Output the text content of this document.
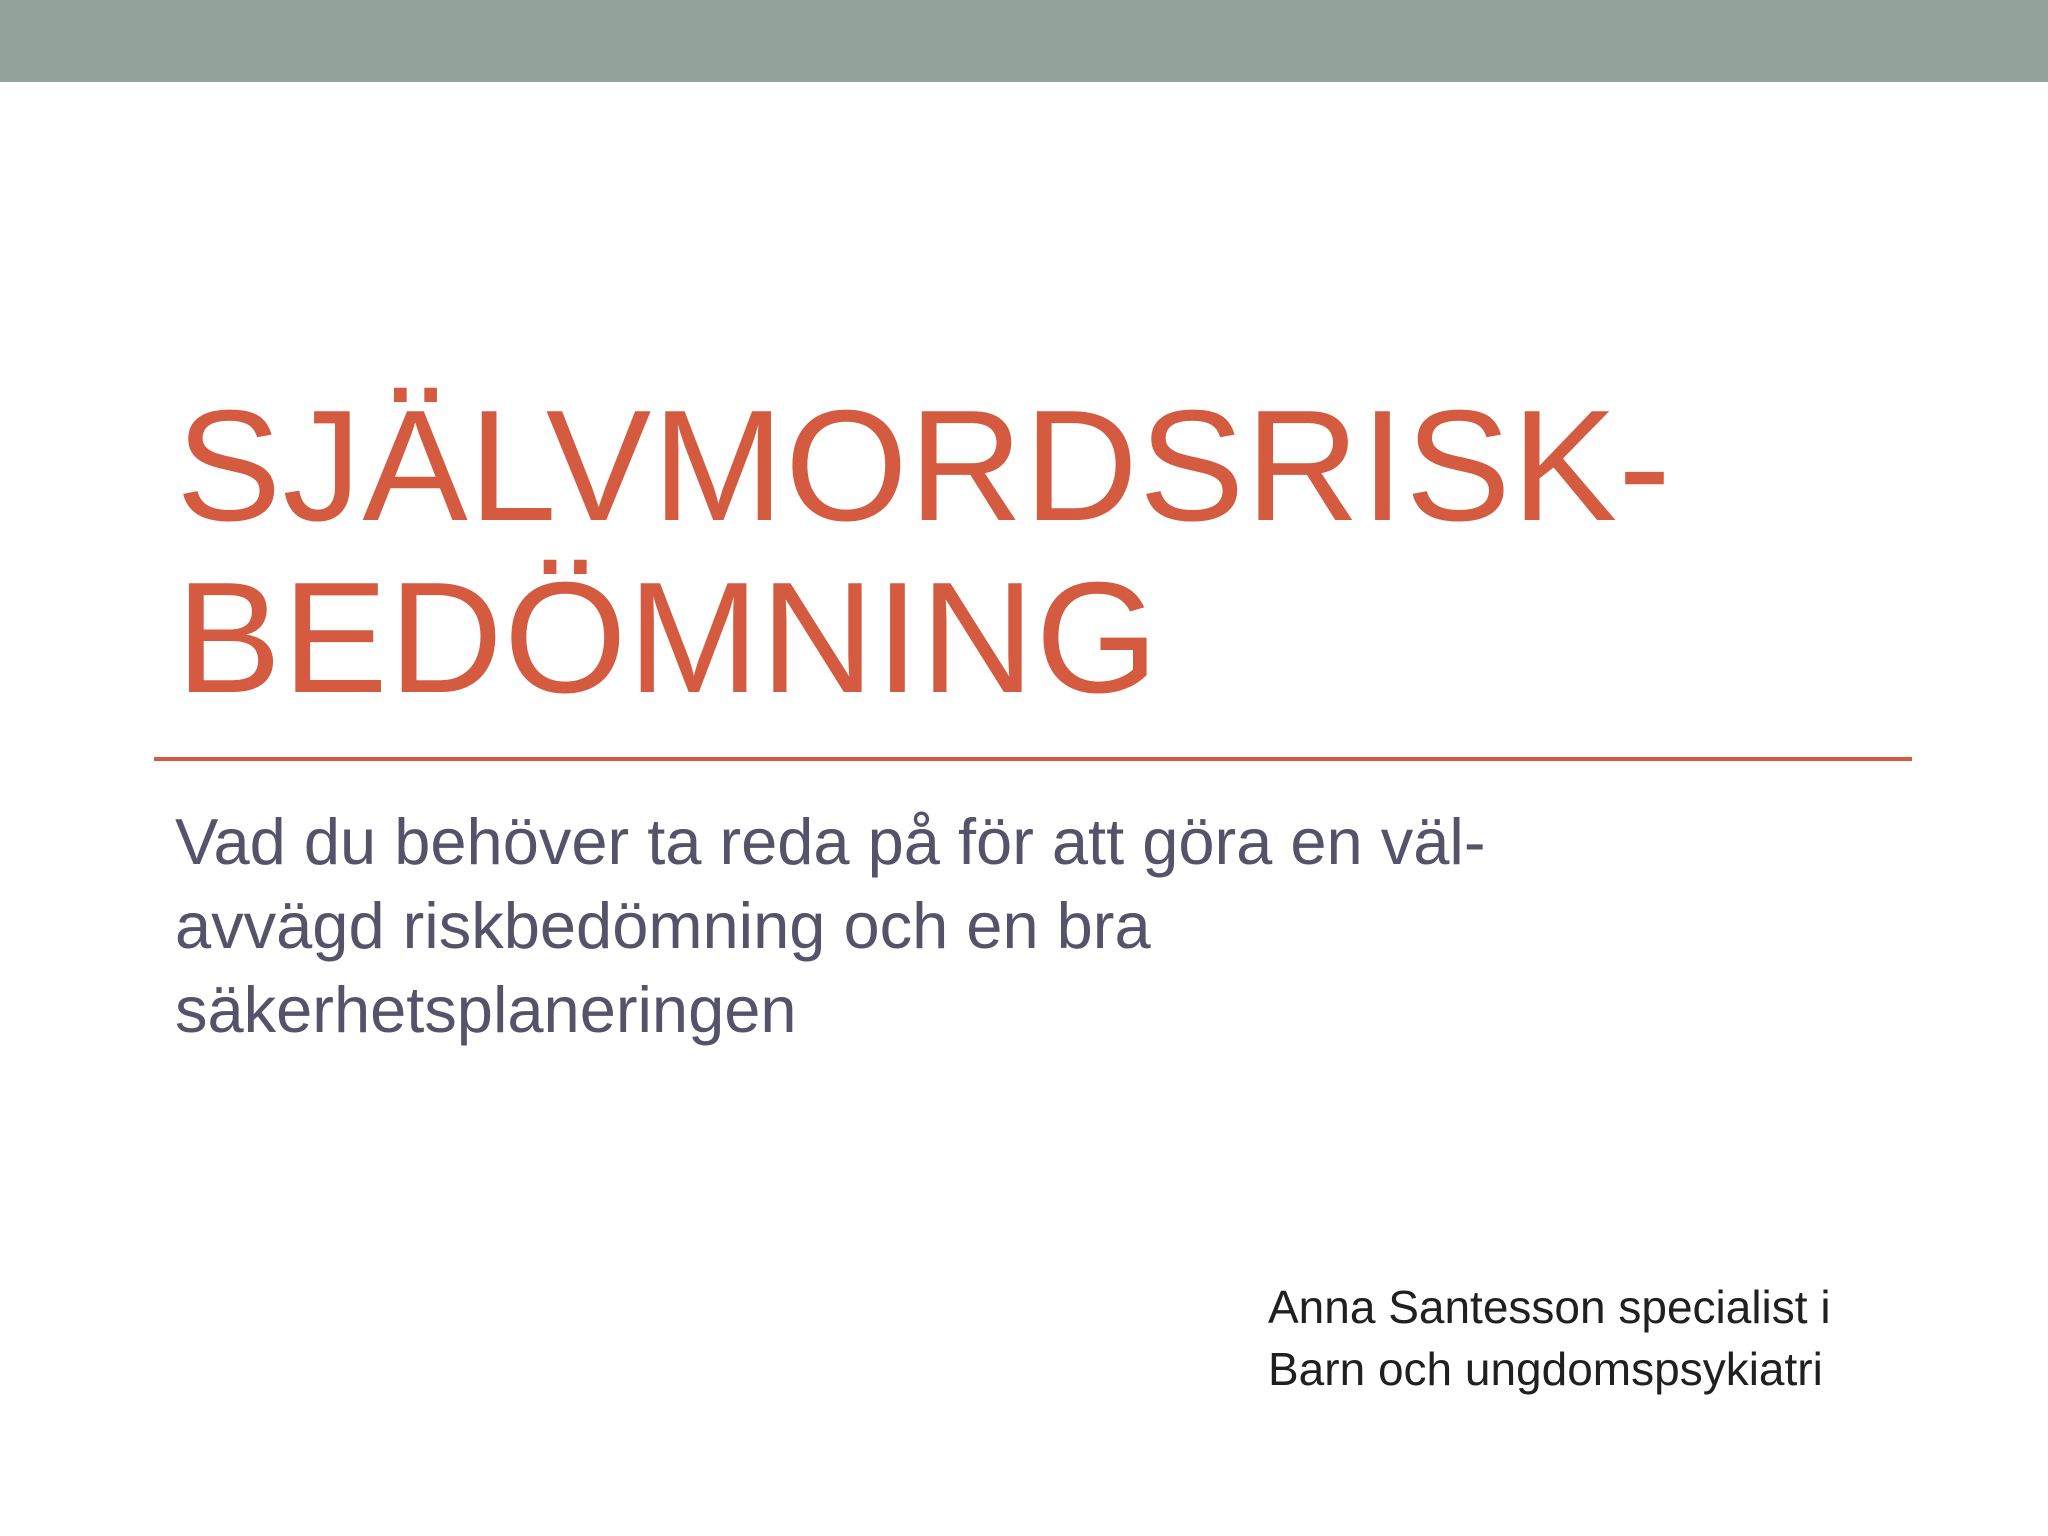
SJÄLVMORDSRISK-
BEDÖMNING

Vad du behöver ta reda på för att göra en väl-
avvägd riskbedömning och en bra
säkerhetsplaneringen

Anna Santesson specialist i
Barn och ungdomspsykiatri
